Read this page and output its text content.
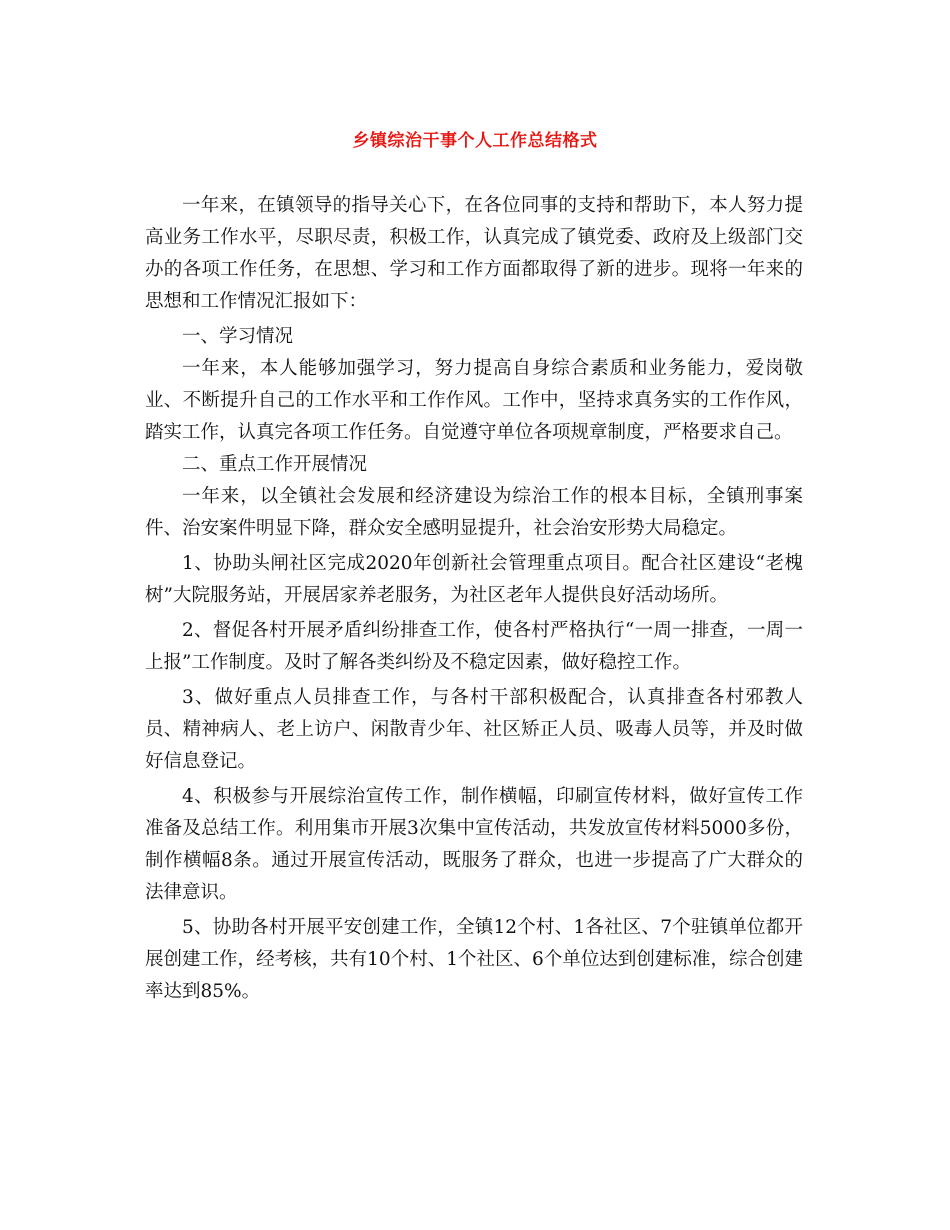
乡镇综治干事个人工作总结格式

一年来，在镇领导的指导关心下，在各位同事的支持和帮助下，本人努力提高业务工作水平，尽职尽责，积极工作，认真完成了镇党委、政府及上级部门交办的各项工作任务，在思想、学习和工作方面都取得了新的进步。现将一年来的思想和工作情况汇报如下：

一、学习情况

一年来，本人能够加强学习，努力提高自身综合素质和业务能力，爱岗敬业、不断提升自己的工作水平和工作作风。工作中，坚持求真务实的工作作风，踏实工作，认真完各项工作任务。自觉遵守单位各项规章制度，严格要求自己。

二、重点工作开展情况

一年来，以全镇社会发展和经济建设为综治工作的根本目标，全镇刑事案件、治安案件明显下降，群众安全感明显提升，社会治安形势大局稳定。

1、协助头闸社区完成2020年创新社会管理重点项目。配合社区建设“老槐树”大院服务站，开展居家养老服务，为社区老年人提供良好活动场所。

2、督促各村开展矛盾纠纷排查工作，使各村严格执行“一周一排查，一周一上报”工作制度。及时了解各类纠纷及不稳定因素，做好稳控工作。

3、做好重点人员排查工作，与各村干部积极配合，认真排查各村邪教人员、精神病人、老上访户、闲散青少年、社区矫正人员、吸毒人员等，并及时做好信息登记。

4、积极参与开展综治宣传工作，制作横幅，印刷宣传材料，做好宣传工作准备及总结工作。利用集市开展3次集中宣传活动，共发放宣传材料5000多份，制作横幅8条。通过开展宣传活动，既服务了群众，也进一步提高了广大群众的法律意识。

5、协助各村开展平安创建工作，全镇12个村、1各社区、7个驻镇单位都开展创建工作，经考核，共有10个村、1个社区、6个单位达到创建标准，综合创建率达到85%。
